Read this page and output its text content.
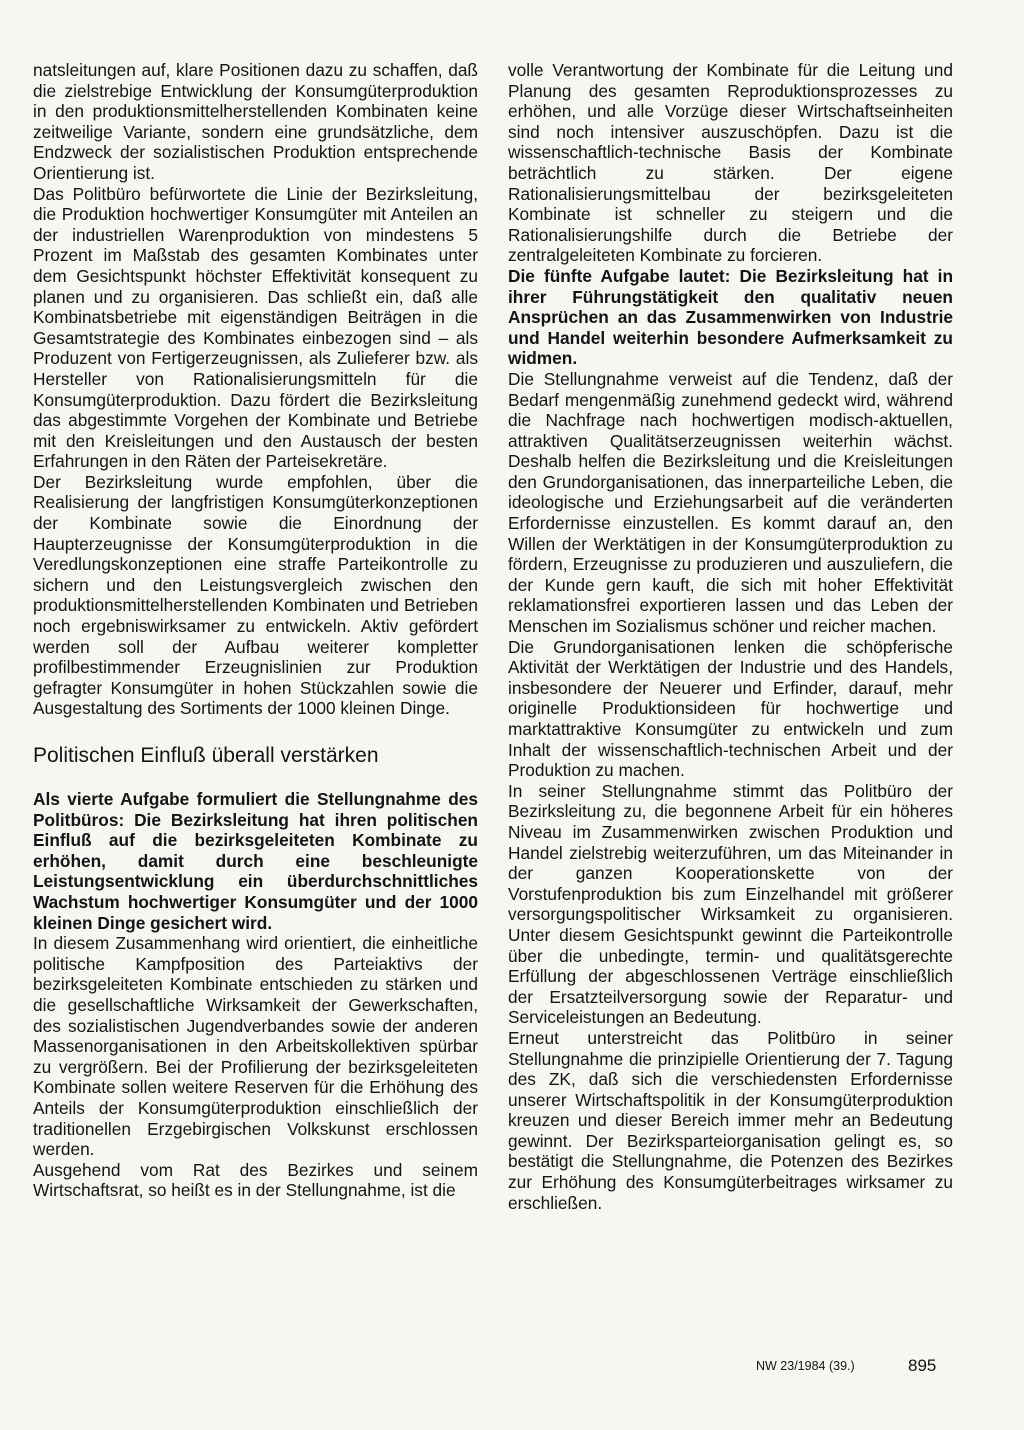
natsleitungen auf, klare Positionen dazu zu schaffen, daß die zielstrebige Entwicklung der Konsumgüterproduktion in den produktionsmittelherstellenden Kombinaten keine zeitweilige Variante, sondern eine grundsätzliche, dem Endzweck der sozialistischen Produktion entsprechende Orientierung ist.

Das Politbüro befürwortete die Linie der Bezirksleitung, die Produktion hochwertiger Konsumgüter mit Anteilen an der industriellen Warenproduktion von mindestens 5 Prozent im Maßstab des gesamten Kombinates unter dem Gesichtspunkt höchster Effektivität konsequent zu planen und zu organisieren. Das schließt ein, daß alle Kombinatsbetriebe mit eigenständigen Beiträgen in die Gesamtstrategie des Kombinates einbezogen sind – als Produzent von Fertigerzeugnissen, als Zulieferer bzw. als Hersteller von Rationalisierungsmitteln für die Konsumgüterproduktion. Dazu fördert die Bezirksleitung das abgestimmte Vorgehen der Kombinate und Betriebe mit den Kreisleitungen und den Austausch der besten Erfahrungen in den Räten der Parteisekretäre.

Der Bezirksleitung wurde empfohlen, über die Realisierung der langfristigen Konsumgüterkonzeptionen der Kombinate sowie die Einordnung der Haupterzeugnisse der Konsumgüterproduktion in die Veredlungskonzeptionen eine straffe Parteikontrolle zu sichern und den Leistungsvergleich zwischen den produktionsmittelherstellenden Kombinaten und Betrieben noch ergebniswirksamer zu entwickeln. Aktiv gefördert werden soll der Aufbau weiterer kompletter profilbestimmender Erzeugnislinien zur Produktion gefragter Konsumgüter in hohen Stückzahlen sowie die Ausgestaltung des Sortiments der 1000 kleinen Dinge.

Politischen Einfluß überall verstärken

Als vierte Aufgabe formuliert die Stellungnahme des Politbüros: Die Bezirksleitung hat ihren politischen Einfluß auf die bezirksgeleiteten Kombinate zu erhöhen, damit durch eine beschleunigte Leistungsentwicklung ein überdurchschnittliches Wachstum hochwertiger Konsumgüter und der 1000 kleinen Dinge gesichert wird.

In diesem Zusammenhang wird orientiert, die einheitliche politische Kampfposition des Parteiaktivs der bezirksgeleiteten Kombinate entschieden zu stärken und die gesellschaftliche Wirksamkeit der Gewerkschaften, des sozialistischen Jugendverbandes sowie der anderen Massenorganisationen in den Arbeitskollektiven spürbar zu vergrößern. Bei der Profilierung der bezirksgeleiteten Kombinate sollen weitere Reserven für die Erhöhung des Anteils der Konsumgüterproduktion einschließlich der traditionellen Erzgebirgischen Volkskunst erschlossen werden.

Ausgehend vom Rat des Bezirkes und seinem Wirtschaftsrat, so heißt es in der Stellungnahme, ist die

volle Verantwortung der Kombinate für die Leitung und Planung des gesamten Reproduktionsprozesses zu erhöhen, und alle Vorzüge dieser Wirtschaftseinheiten sind noch intensiver auszuschöpfen. Dazu ist die wissenschaftlich-technische Basis der Kombinate beträchtlich zu stärken. Der eigene Rationalisierungsmittelbau der bezirksgeleiteten Kombinate ist schneller zu steigern und die Rationalisierungshilfe durch die Betriebe der zentralgeleiteten Kombinate zu forcieren.

Die fünfte Aufgabe lautet: Die Bezirksleitung hat in ihrer Führungstätigkeit den qualitativ neuen Ansprüchen an das Zusammenwirken von Industrie und Handel weiterhin besondere Aufmerksamkeit zu widmen.

Die Stellungnahme verweist auf die Tendenz, daß der Bedarf mengenmäßig zunehmend gedeckt wird, während die Nachfrage nach hochwertigen modisch-aktuellen, attraktiven Qualitätserzeugnissen weiterhin wächst. Deshalb helfen die Bezirksleitung und die Kreisleitungen den Grundorganisationen, das innerparteiliche Leben, die ideologische und Erziehungsarbeit auf die veränderten Erfordernisse einzustellen. Es kommt darauf an, den Willen der Werktätigen in der Konsumgüterproduktion zu fördern, Erzeugnisse zu produzieren und auszuliefern, die der Kunde gern kauft, die sich mit hoher Effektivität reklamationsfrei exportieren lassen und das Leben der Menschen im Sozialismus schöner und reicher machen.

Die Grundorganisationen lenken die schöpferische Aktivität der Werktätigen der Industrie und des Handels, insbesondere der Neuerer und Erfinder, darauf, mehr originelle Produktionsideen für hochwertige und marktattraktive Konsumgüter zu entwickeln und zum Inhalt der wissenschaftlich-technischen Arbeit und der Produktion zu machen.

In seiner Stellungnahme stimmt das Politbüro der Bezirksleitung zu, die begonnene Arbeit für ein höheres Niveau im Zusammenwirken zwischen Produktion und Handel zielstrebig weiterzuführen, um das Miteinander in der ganzen Kooperationskette von der Vorstufenproduktion bis zum Einzelhandel mit größerer versorgungspolitischer Wirksamkeit zu organisieren. Unter diesem Gesichtspunkt gewinnt die Parteikontrolle über die unbedingte, termin- und qualitätsgerechte Erfüllung der abgeschlossenen Verträge einschließlich der Ersatzteilversorgung sowie der Reparatur- und Serviceleistungen an Bedeutung.

Erneut unterstreicht das Politbüro in seiner Stellungnahme die prinzipielle Orientierung der 7. Tagung des ZK, daß sich die verschiedensten Erfordernisse unserer Wirtschaftspolitik in der Konsumgüterproduktion kreuzen und dieser Bereich immer mehr an Bedeutung gewinnt. Der Bezirksparteiorganisation gelingt es, so bestätigt die Stellungnahme, die Potenzen des Bezirkes zur Erhöhung des Konsumgüterbeitrages wirksamer zu erschließen.

NW 23/1984 (39.)	895
